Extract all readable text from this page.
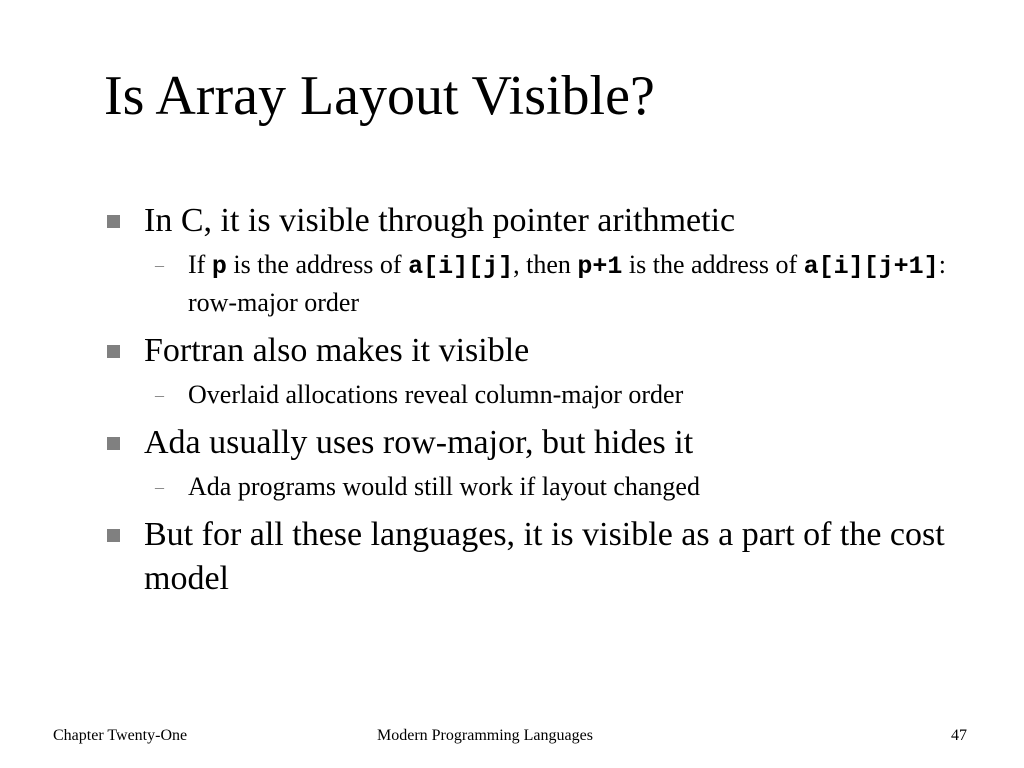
Is Array Layout Visible?
In C, it is visible through pointer arithmetic
– If p is the address of a[i][j], then p+1 is the address of a[i][j+1]: row-major order
Fortran also makes it visible
– Overlaid allocations reveal column-major order
Ada usually uses row-major, but hides it
– Ada programs would still work if layout changed
But for all these languages, it is visible as a part of the cost model
Chapter Twenty-One	Modern Programming Languages	47
